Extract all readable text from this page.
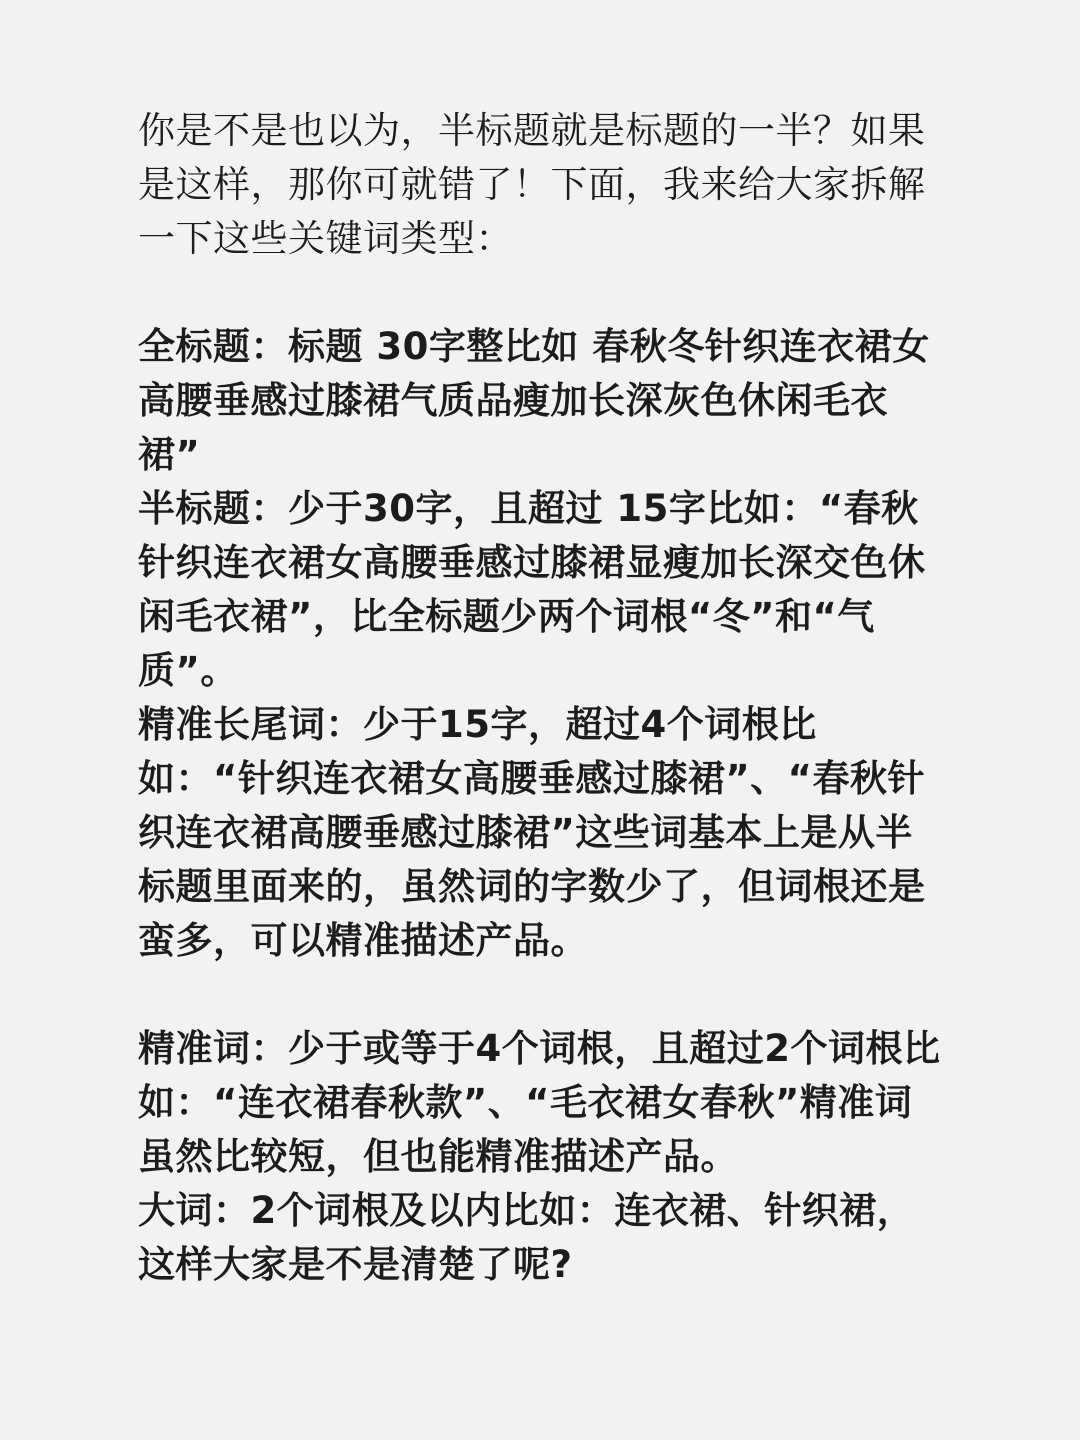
你是不是也以为，半标题就是标题的一半？如果是这样，那你可就错了！下面，我来给大家拆解一下这些关键词类型：

全标题：标题 30字整比如 春秋冬针织连衣裙女高腰垂感过膝裙气质品瘦加长深灰色休闲毛衣裙”

半标题：少于30字，且超过 15字比如：“春秋针织连衣裙女高腰垂感过膝裙显瘦加长深交色休闲毛衣裙”，比全标题少两个词根“冬”和“气质”。

精准长尾词：少于15字，超过4个词根比如：“针织连衣裙女高腰垂感过膝裙”、“春秋针织连衣裙高腰垂感过膝裙”这些词基本上是从半标题里面来的，虽然词的字数少了，但词根还是蛮多，可以精准描述产品。

精准词：少于或等于4个词根，且超过2个词根比如：“连衣裙春秋款”、“毛衣裙女春秋”精准词虽然比较短，但也能精准描述产品。

大词：2个词根及以内比如：连衣裙、针织裙，这样大家是不是清楚了呢?
